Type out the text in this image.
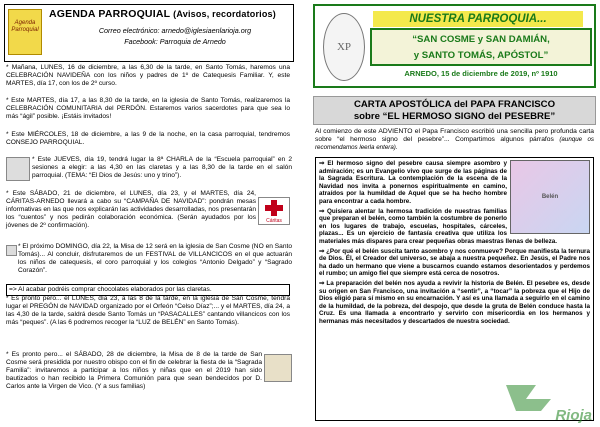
Agenda Parroquial
AGENDA PARROQUIAL (Avisos, recordatorios)
Correo electrónico: arnedo@iglesiaenlarioja.org
Facebook: Parroquia de Arnedo
* Mañana, LUNES, 16 de diciembre, a las 6,30 de la tarde, en Santo Tomás, haremos una CELEBRACIÓN NAVIDEÑA con los niños y padres de 1º de Catequesis Familiar. Y, este MARTES, día 17, con los de 2º curso.
* Este MARTES, día 17, a las 8,30 de la tarde, en la iglesia de Santo Tomás, realizaremos la CELEBRACIÓN COMUNITARIA del PERDÓN. Estaremos varios sacerdotes para que sea lo más “ágil” posible. ¡Estáis invitados!
* Este MIÉRCOLES, 18 de diciembre, a las 9 de la noche, en la casa parroquial, tendremos CONSEJO PARROQUIAL.
* Este JUEVES, día 19, tendrá lugar la 8ª CHARLA de la “Escuela parroquial” en 2 sesiones a elegir: a las 4,30 en las claretas y a las 8,30 de la tarde en el salón parroquial. (TEMA: “El Dios de Jesús: uno y trino”).
Cáritas
* Este SÁBADO, 21 de diciembre, el LUNES, día 23, y el MARTES, día 24, CÁRITAS-ARNEDO llevará a cabo su “CAMPAÑA DE NAVIDAD”: pondrán mesas informativas en las que nos explicarán las actividades desarrolladas, nos presentarán los “cuentos” y nos pedirán colaboración económica. (Serán ayudados por los jóvenes de 2º confirmación).
* El próximo DOMINGO, día 22, la Misa de 12 será en la iglesia de San Cosme (NO en Santo Tomás)... Al concluir, disfrutaremos de un FESTIVAL de VILLANCICOS en el que actuarán los niños de catequesis, el coro parroquial y los colegios “Antonio Delgado” y “Sagrado Corazón”.
=> Al acabar podréis comprar chocolates elaborados por las claretas.
* Es pronto pero... el LUNES, día 23, a las 8 de la tarde, en la iglesia de San Cosme, tendrá lugar el PREGÓN de NAVIDAD organizado por el Orfeón “Celso Díaz”;... y el MARTES, día 24, a las 4,30 de la tarde, saldrá desde Santo Tomás un “PASACALLES” cantando villancicos con los más “peques”. (A las 6 podremos recoger la “LUZ de BELÉN” en Santo Tomás).
* Es pronto pero... el SÁBADO, 28 de diciembre, la Misa de 8 de la tarde de San Cosme será presidida por nuestro obispo con el fin de celebrar la fiesta de la “Sagrada Familia”: invitaremos a participar a los niños y niñas que en el 2019 han sido bautizados o han recibido la Primera Comunión para que sean bendecidos por D. Carlos ante la Virgen de Vico. (Y a sus familias)
XP
NUESTRA PARROQUIA...
“SAN COSME y SAN DAMIÁN,
y SANTO TOMÁS, APÓSTOL”
ARNEDO, 15 de diciembre de 2019, nº 1910
CARTA APOSTÓLICA del PAPA FRANCISCO
sobre “EL HERMOSO SIGNO del PESEBRE”
Al comienzo de este ADVIENTO el Papa Francisco escribió una sencilla pero profunda carta sobre “el hermoso signo del pesebre”... Compartimos algunos párrafos (aunque os recomendamos leerla entera).
Belén

⇒ El hermoso signo del pesebre causa siempre asombro y admiración; es un Evangelio vivo que surge de las páginas de la Sagrada Escritura. La contemplación de la escena de la Navidad nos invita a ponernos espiritualmente en camino, atraídos por la humildad de Aquel que se ha hecho hombre para encontrar a cada hombre.

⇒ Quisiera alentar la hermosa tradición de nuestras familias que preparan el belén, como también la costumbre de ponerlo en los lugares de trabajo, escuelas, hospitales, cárceles, plazas... Es un ejercicio de fantasía creativa que utiliza los materiales más dispares para crear pequeñas obras maestras llenas de belleza.

⇒ ¿Por qué el belén suscita tanto asombro y nos conmueve? Porque manifiesta la ternura de Dios. Él, el Creador del universo, se abaja a nuestra pequeñez. En Jesús, el Padre nos ha dado un hermano que viene a buscarnos cuando estamos desorientados y perdemos el rumbo; un amigo fiel que siempre está cerca de nosotros.

⇒ La preparación del belén nos ayuda a revivir la historia de Belén. El pesebre es, desde su origen en San Francisco, una invitación a “sentir”, a “tocar” la pobreza que el Hijo de Dios eligió para sí mismo en su encarnación. Y así es una llamada a seguirlo en el camino de la humildad, de la pobreza, del despojo, que desde la gruta de Belén conduce hasta la Cruz. Es una llamada a encontrarlo y servirlo con misericordia en los hermanos y hermanas más necesitados y descartados de nuestra sociedad.

Rioja
